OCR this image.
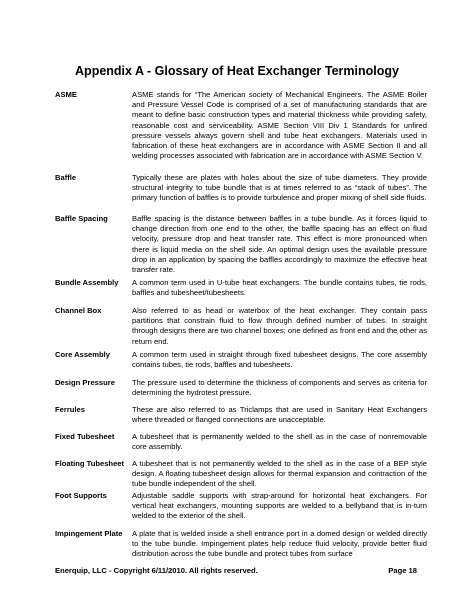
Appendix A - Glossary of Heat Exchanger Terminology
ASME	ASME stands for “The American society of Mechanical Engineers. The ASME Boiler and Pressure Vessel Code is comprised of a set of manufacturing standards that are meant to define basic construction types and material thickness while providing safety, reasonable cost and serviceability. ASME Section VIII Div 1 Standards for unfired pressure vessels always govern shell and tube heat exchangers. Materials used in fabrication of these heat exchangers are in accordance with ASME Section II and all welding processes associated with fabrication are in accordance with ASME Section V.
Baffle	Typically these are plates with holes about the size of tube diameters. They provide structural integrity to tube bundle that is at times referred to as “stack of tubes”. The primary function of baffles is to provide turbulence and proper mixing of shell side fluids.
Baffle Spacing	Baffle spacing is the distance between baffles in a tube bundle. As it forces liquid to change direction from one end to the other, the baffle spacing has an effect on fluid velocity, pressure drop and heat transfer rate. This effect is more pronounced when there is liquid media on the shell side. An optimal design uses the available pressure drop in an application by spacing the baffles accordingly to maximize the effective heat transfer rate.
Bundle Assembly	A common term used in U-tube heat exchangers. The bundle contains tubes, tie rods, baffles and tubesheet/tubesheets.
Channel Box	Also referred to as head or waterbox of the heat exchanger. They contain pass partitions that constrain fluid to flow through defined number of tubes. In straight through designs there are two channel boxes; one defined as front end and the other as return end.
Core Assembly	A common term used in straight through fixed tubesheet designs. The core assembly contains tubes, tie rods, baffles and tubesheets.
Design Pressure	The pressure used to determine the thickness of components and serves as criteria for determining the hydrotest pressure.
Ferrules	These are also referred to as Triclamps that are used in Sanitary Heat Exchangers where threaded or flanged connections are unacceptable.
Fixed Tubesheet	A tubesheet that is permanently welded to the shell as in the case of nonremovable core assembly.
Floating Tubesheet	A tubesheet that is not permanently welded to the shell as in the case of a BEP style design. A floating tubesheet design allows for thermal expansion and contraction of the tube bundle independent of the shell.
Foot Supports	Adjustable saddle supports with strap-around for horizontal heat exchangers. For vertical heat exchangers, mounting supports are welded to a bellyband that is in-turn welded to the exterior of the shell.
Impingement Plate	A plate that is welded inside a shell entrance port in a domed design or welded directly to the tube bundle. Impingement plates help reduce fluid velocity, provide better fluid distribution across the tube bundle and protect tubes from surface
Enerquip, LLC - Copyright 6/11/2010. All rights reserved.	Page 18
